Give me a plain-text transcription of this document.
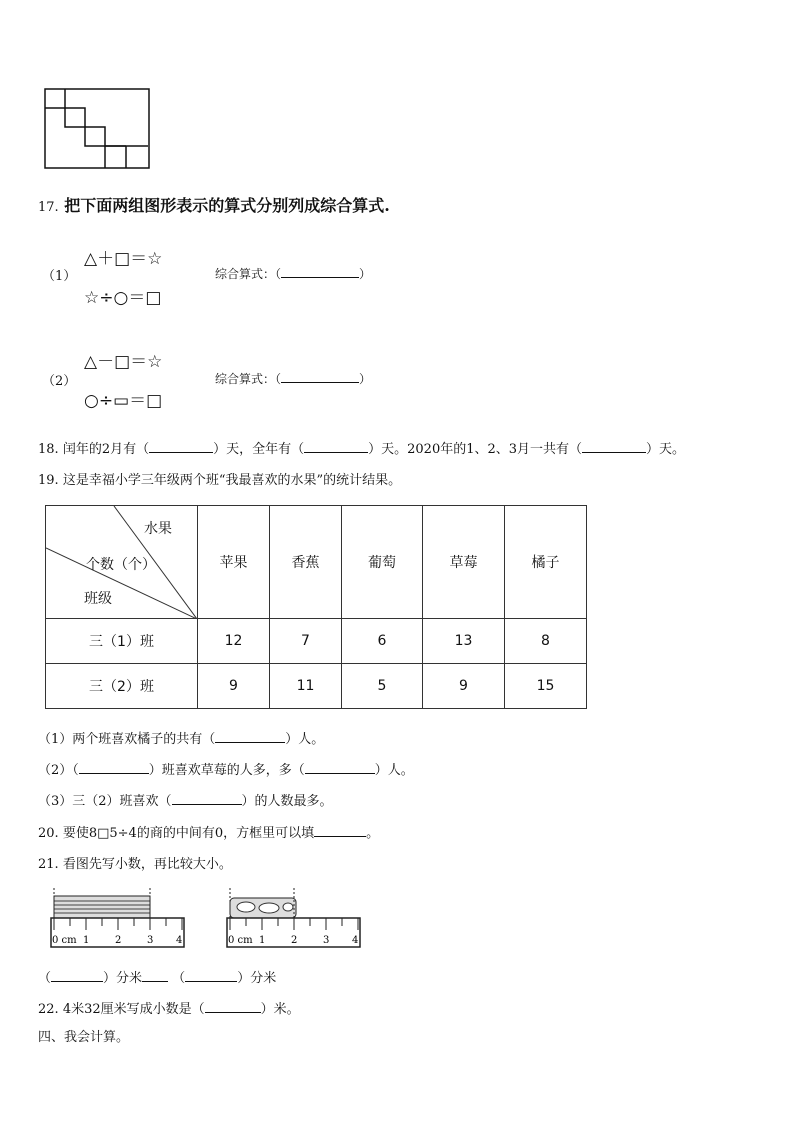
17. 把下面两组图形表示的算式分别列成综合算式.
（1）
△＋□＝☆
☆÷○＝□
综合算式：（	）
（2）
△－□＝☆
○÷▭＝□
综合算式：（	）
18. 闰年的2月有（	）天，全年有（	）天。2020年的1、2、3月一共有（	）天。
19. 这是幸福小学三年级两个班“我最喜欢的水果”的统计结果。
水果
个数（个）
班级	苹果	香蕉	葡萄	草莓	橘子
三（1）班	12	7	6	13	8
三（2）班	9	11	5	9	15
（1）两个班喜欢橘子的共有（	）人。
（2）（	）班喜欢草莓的人多，多（	）人。
（3）三（2）班喜欢（	）的人数最多。
20. 要使8□5÷4的商的中间有0，方框里可以填	。
21. 看图先写小数，再比较大小。
0 cm 1	2	3 4	0 cm 1	2	3 4
（	）分米 （	）分米
22. 4米32厘米写成小数是（	）米。
四、我会计算。
